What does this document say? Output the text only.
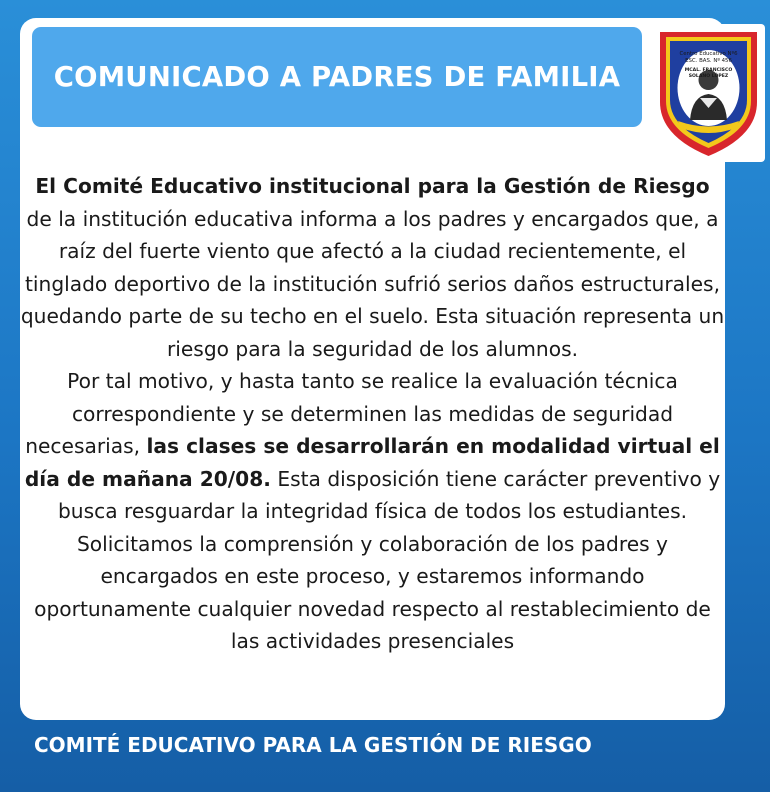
COMUNICADO A PADRES DE FAMILIA
Centro Educativo Nº6
ESC. BAS. Nº 456
MCAL. FRANCISCO
SOLANO LÓPEZ

El Comité Educativo institucional para la Gestión de Riesgo de la institución educativa informa a los padres y encargados que, a raíz del fuerte viento que afectó a la ciudad recientemente, el tinglado deportivo de la institución sufrió serios daños estructurales, quedando parte de su techo en el suelo. Esta situación representa un riesgo para la seguridad de los alumnos.

Por tal motivo, y hasta tanto se realice la evaluación técnica correspondiente y se determinen las medidas de seguridad necesarias, las clases se desarrollarán en modalidad virtual el día de mañana 20/08. Esta disposición tiene carácter preventivo y busca resguardar la integridad física de todos los estudiantes.

Solicitamos la comprensión y colaboración de los padres y encargados en este proceso, y estaremos informando oportunamente cualquier novedad respecto al restablecimiento de las actividades presenciales

COMITÉ EDUCATIVO PARA LA GESTIÓN DE RIESGO
